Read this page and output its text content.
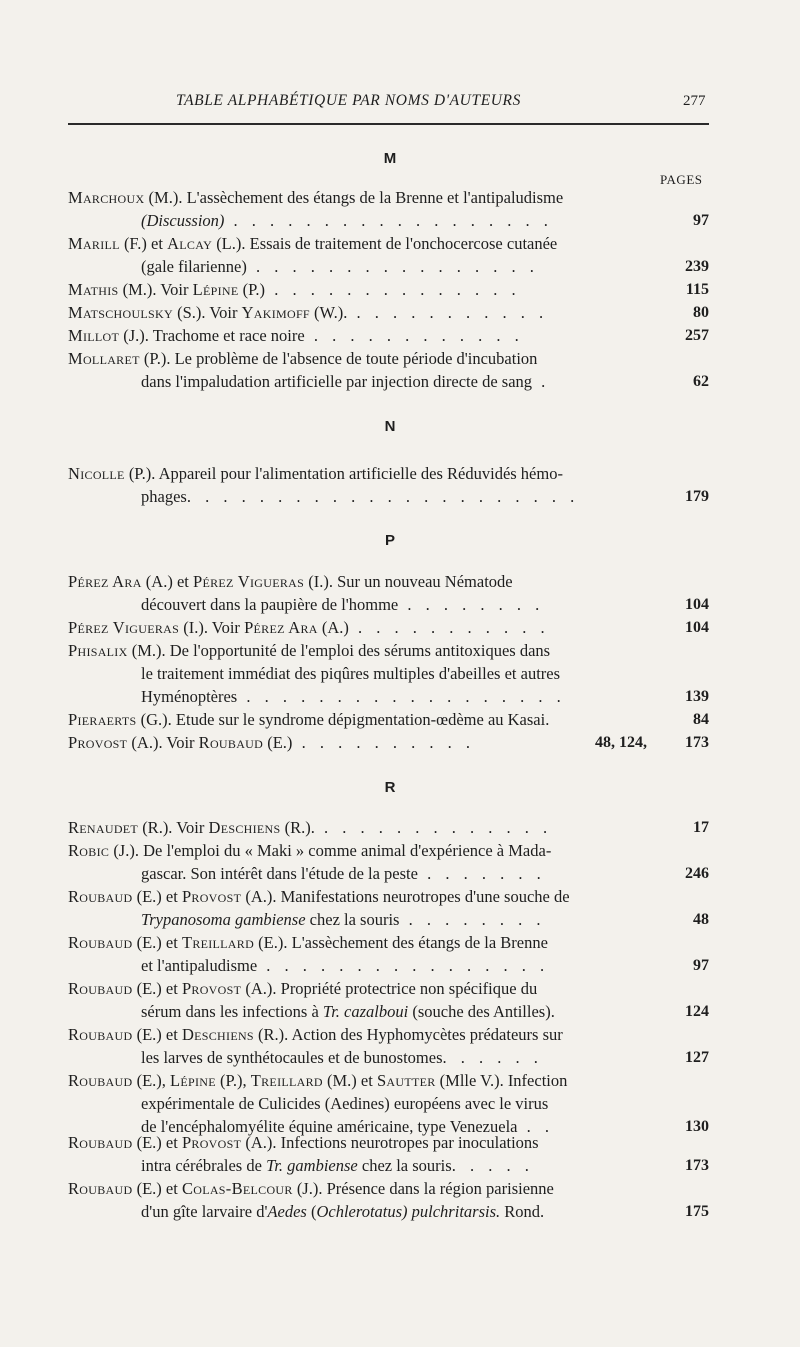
TABLE ALPHABÉTIQUE PAR NOMS D'AUTEURS	277
M
PAGES
Marchoux (M.). L'assèchement des étangs de la Brenne et l'antipaludisme
(Discussion) . . . . . . . . . . . . . . . . . .	97
Marill (F.) et Alcay (L.). Essais de traitement de l'onchocercose cutanée
(gale filarienne) . . . . . . . . . . . . . . . .	239
Mathis (M.). Voir Lépine (P.) . . . . . . . . . . . . . .	115
Matschoulsky (S.). Voir Yakimoff (W.). . . . . . . . . . . .	80
Millot (J.). Trachome et race noire . . . . . . . . . . . .	257
Mollaret (P.). Le problème de l'absence de toute période d'incubation
dans l'impaludation artificielle par injection directe de sang .	62
N
Nicolle (P.). Appareil pour l'alimentation artificielle des Réduvidés hémo-
phages. . . . . . . . . . . . . . . . . . . . . .	179
P
Pérez Ara (A.) et Pérez Vigueras (I.). Sur un nouveau Nématode
découvert dans la paupière de l'homme . . . . . . . .	104
Pérez Vigueras (I.). Voir Pérez Ara (A.) . . . . . . . . . . .	104
Phisalix (M.). De l'opportunité de l'emploi des sérums antitoxiques dans
le traitement immédiat des piqûres multiples d'abeilles et autres
Hyménoptères . . . . . . . . . . . . . . . . . .	139
Pieraerts (G.). Etude sur le syndrome dépigmentation-œdème au Kasai.	84
Provost (A.). Voir Roubaud (E.) . . . . . . . . . .	48, 124, 173
R
Renaudet (R.). Voir Deschiens (R.). . . . . . . . . . . . . .	17
Robic (J.). De l'emploi du « Maki » comme animal d'expérience à Mada-
gascar. Son intérêt dans l'étude de la peste . . . . . . .	246
Roubaud (E.) et Provost (A.). Manifestations neurotropes d'une souche de
Trypanosoma gambiense chez la souris . . . . . . . .	48
Roubaud (E.) et Treillard (E.). L'assèchement des étangs de la Brenne
et l'antipaludisme . . . . . . . . . . . . . . . .	97
Roubaud (E.) et Provost (A.). Propriété protectrice non spécifique du
sérum dans les infections à Tr. cazalboui (souche des Antilles).	124
Roubaud (E.) et Deschiens (R.). Action des Hyphomycètes prédateurs sur
les larves de synthétocaules et de bunostomes. . . . . .	127
Roubaud (E.), Lépine (P.), Treillard (M.) et Sautter (Mlle V.). Infection
expérimentale de Culicides (Aedines) européens avec le virus
de l'encéphalomyélite équine américaine, type Venezuela . .	130
Roubaud (E.) et Provost (A.). Infections neurotropes par inoculations
intra cérébrales de Tr. gambiense chez la souris. . . . .	173
Roubaud (E.) et Colas-Belcour (J.). Présence dans la région parisienne
d'un gîte larvaire d'Aedes (Ochlerotatus) pulchritarsis. Rond.	175
